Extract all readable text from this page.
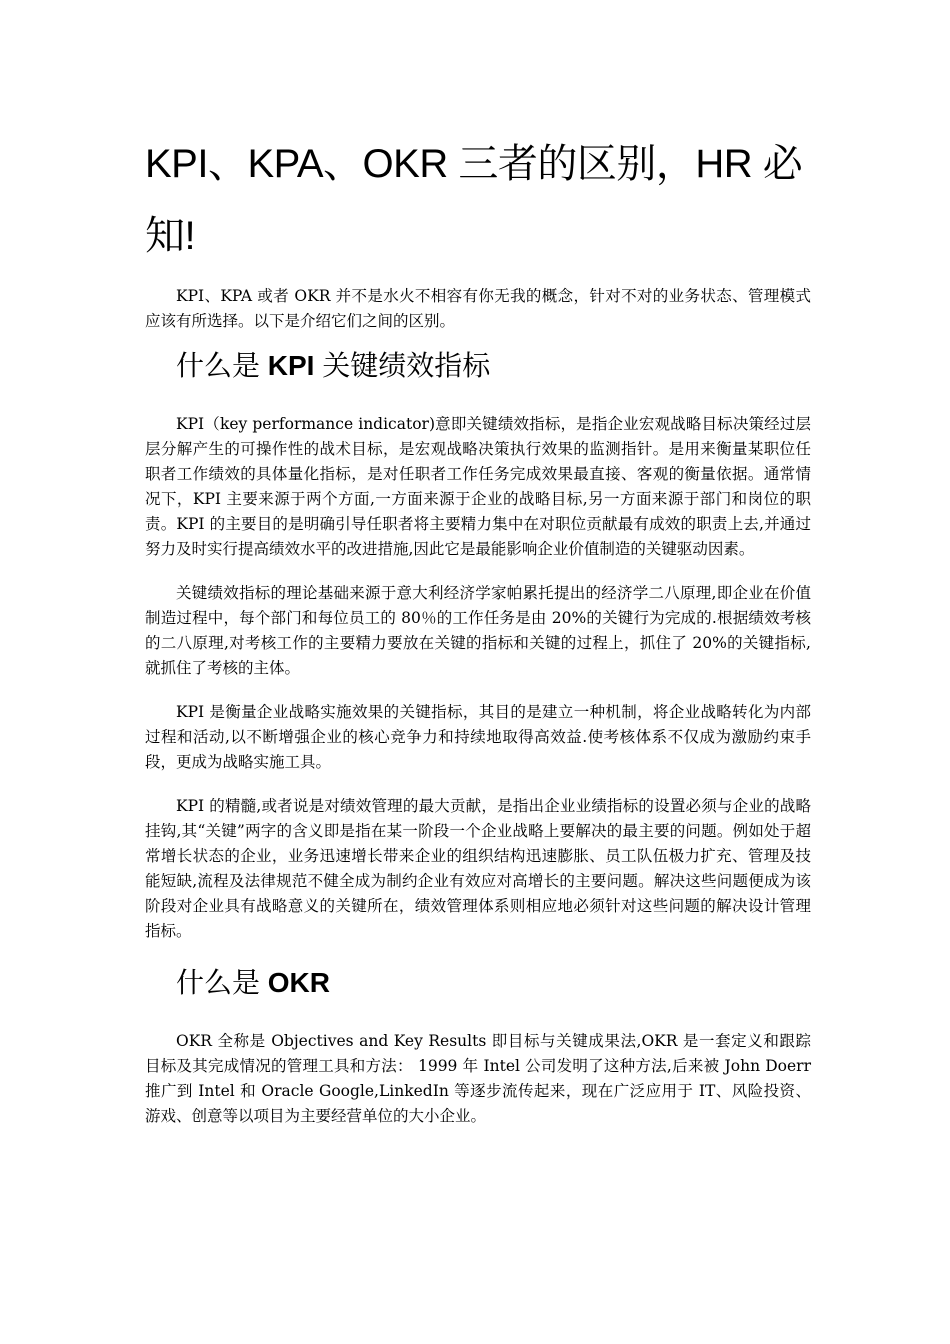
KPI、KPA、OKR 三者的区别，HR 必知!

KPI、KPA 或者 OKR 并不是水火不相容有你无我的概念，针对不对的业务状态、管理模式应该有所选择。以下是介绍它们之间的区别。

什么是 KPI 关键绩效指标

KPI（key performance indicator)意即关键绩效指标，是指企业宏观战略目标决策经过层层分解产生的可操作性的战术目标，是宏观战略决策执行效果的监测指针。是用来衡量某职位任职者工作绩效的具体量化指标，是对任职者工作任务完成效果最直接、客观的衡量依据。通常情况下，KPI 主要来源于两个方面,一方面来源于企业的战略目标,另一方面来源于部门和岗位的职责。KPI 的主要目的是明确引导任职者将主要精力集中在对职位贡献最有成效的职责上去,并通过努力及时实行提高绩效水平的改进措施,因此它是最能影响企业价值制造的关键驱动因素。

关键绩效指标的理论基础来源于意大利经济学家帕累托提出的经济学二八原理,即企业在价值制造过程中，每个部门和每位员工的 80％的工作任务是由 20%的关键行为完成的.根据绩效考核的二八原理,对考核工作的主要精力要放在关键的指标和关键的过程上，抓住了 20%的关键指标,就抓住了考核的主体。

KPI 是衡量企业战略实施效果的关键指标，其目的是建立一种机制，将企业战略转化为内部过程和活动,以不断增强企业的核心竞争力和持续地取得高效益.使考核体系不仅成为激励约束手段，更成为战略实施工具。

KPI 的精髓,或者说是对绩效管理的最大贡献，是指出企业业绩指标的设置必须与企业的战略挂钩,其“关键”两字的含义即是指在某一阶段一个企业战略上要解决的最主要的问题。例如处于超常增长状态的企业，业务迅速增长带来企业的组织结构迅速膨胀、员工队伍极力扩充、管理及技能短缺,流程及法律规范不健全成为制约企业有效应对高增长的主要问题。解决这些问题便成为该阶段对企业具有战略意义的关键所在，绩效管理体系则相应地必须针对这些问题的解决设计管理指标。

什么是 OKR

OKR 全称是 Objectives and Key Results 即目标与关键成果法,OKR 是一套定义和跟踪目标及其完成情况的管理工具和方法： 1999 年 Intel 公司发明了这种方法,后来被 John Doerr 推广到 Intel 和 Oracle Google,LinkedIn 等逐步流传起来，现在广泛应用于 IT、风险投资、游戏、创意等以项目为主要经营单位的大小企业。
